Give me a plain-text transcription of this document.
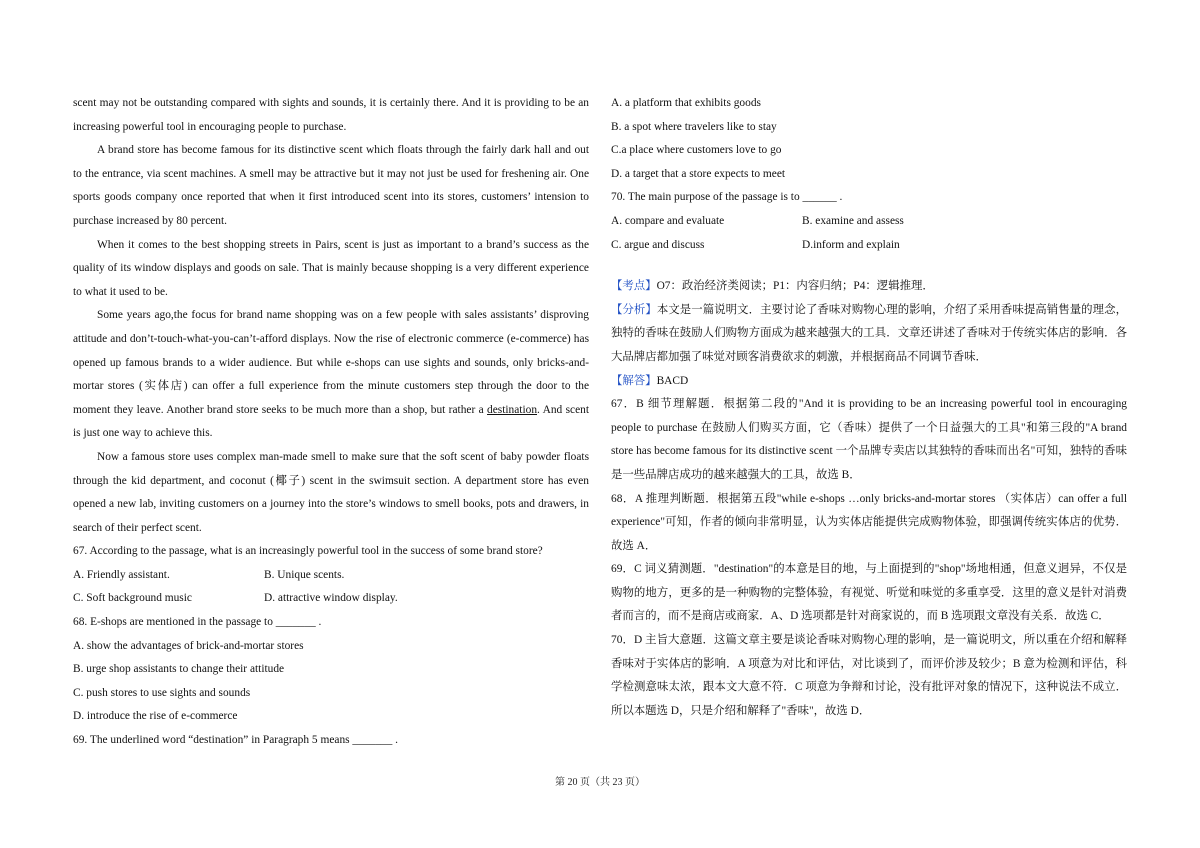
scent may not be outstanding compared with sights and sounds, it is certainly there. And it is providing to be an increasing powerful tool in encouraging people to purchase.

A brand store has become famous for its distinctive scent which floats through the fairly dark hall and out to the entrance, via scent machines. A smell may be attractive but it may not just be used for freshening air. One sports goods company once reported that when it first introduced scent into its stores, customers’ intension to purchase increased by 80 percent.

When it comes to the best shopping streets in Pairs, scent is just as important to a brand’s success as the quality of its window displays and goods on sale. That is mainly because shopping is a very different experience to what it used to be.

Some years ago,the focus for brand name shopping was on a few people with sales assistants’ disproving attitude and don’t-touch-what-you-can’t-afford displays. Now the rise of electronic commerce (e-commerce) has opened up famous brands to a wider audience. But while e-shops can use sights and sounds, only bricks-and-mortar stores (实体店) can offer a full experience from the minute customers step through the door to the moment they leave. Another brand store seeks to be much more than a shop, but rather a destination. And scent is just one way to achieve this.

Now a famous store uses complex man-made smell to make sure that the soft scent of baby powder floats through the kid department, and coconut (椰子) scent in the swimsuit section. A department store has even opened a new lab, inviting customers on a journey into the store’s windows to smell books, pots and drawers, in search of their perfect scent.

67. According to the passage, what is an increasingly powerful tool in the success of some brand store?

A. Friendly assistant.	B. Unique scents.
C. Soft background music	D. attractive window display.

68. E-shops are mentioned in the passage to _______ .

A. show the advantages of brick-and-mortar stores

B. urge shop assistants to change their attitude

C. push stores to use sights and sounds

D. introduce the rise of e-commerce

69. The underlined word “destination” in Paragraph 5 means _______ .

A. a platform that exhibits goods

B. a spot where travelers like to stay

C.a place where customers love to go

D. a target that a store expects to meet

70. The main purpose of the passage is to ______ .

A. compare and evaluate	B. examine and assess
C. argue and discuss	D.inform and explain

【考点】O7：政治经济类阅读；P1：内容归纳；P4：逻辑推理．

【分析】本文是一篇说明文．主要讨论了香味对购物心理的影响，介绍了采用香味提高销售量的理念，独特的香味在鼓励人们购物方面成为越来越强大的工具．文章还讲述了香味对于传统实体店的影响．各大品牌店都加强了味觉对顾客消费欲求的刺激，并根据商品不同调节香味．

【解答】BACD

67．B 细节理解题．根据第二段的"And it is providing to be an increasing powerful tool in encouraging people to purchase 在鼓励人们购买方面，它（香味）提供了一个日益强大的工具"和第三段的"A brand store has become famous for its distinctive scent 一个品牌专卖店以其独特的香味而出名"可知，独特的香味是一些品牌店成功的越来越强大的工具，故选 B．

68．A 推理判断题．根据第五段"while e-shops …only bricks-and-mortar stores （实体店）can offer a full experience"可知，作者的倾向非常明显，认为实体店能提供完成购物体验，即强调传统实体店的优势．故选 A．

69．C 词义猜测题．"destination"的本意是目的地，与上面提到的"shop"场地相通，但意义迥异，不仅是购物的地方，更多的是一种购物的完整体验，有视觉、听觉和味觉的多重享受．这里的意义是针对消费者而言的，而不是商店或商家．A、D 选项都是针对商家说的，而 B 选项跟文章没有关系．故选 C．

70．D 主旨大意题．这篇文章主要是谈论香味对购物心理的影响，是一篇说明文，所以重在介绍和解释香味对于实体店的影响．A 项意为对比和评估，对比谈到了，而评价涉及较少；B 意为检测和评估，科学检测意味太浓，跟本文大意不符．C 项意为争辩和讨论，没有批评对象的情况下，这种说法不成立．所以本题选 D，只是介绍和解释了"香味"，故选 D．

第 20 页（共 23 页）
